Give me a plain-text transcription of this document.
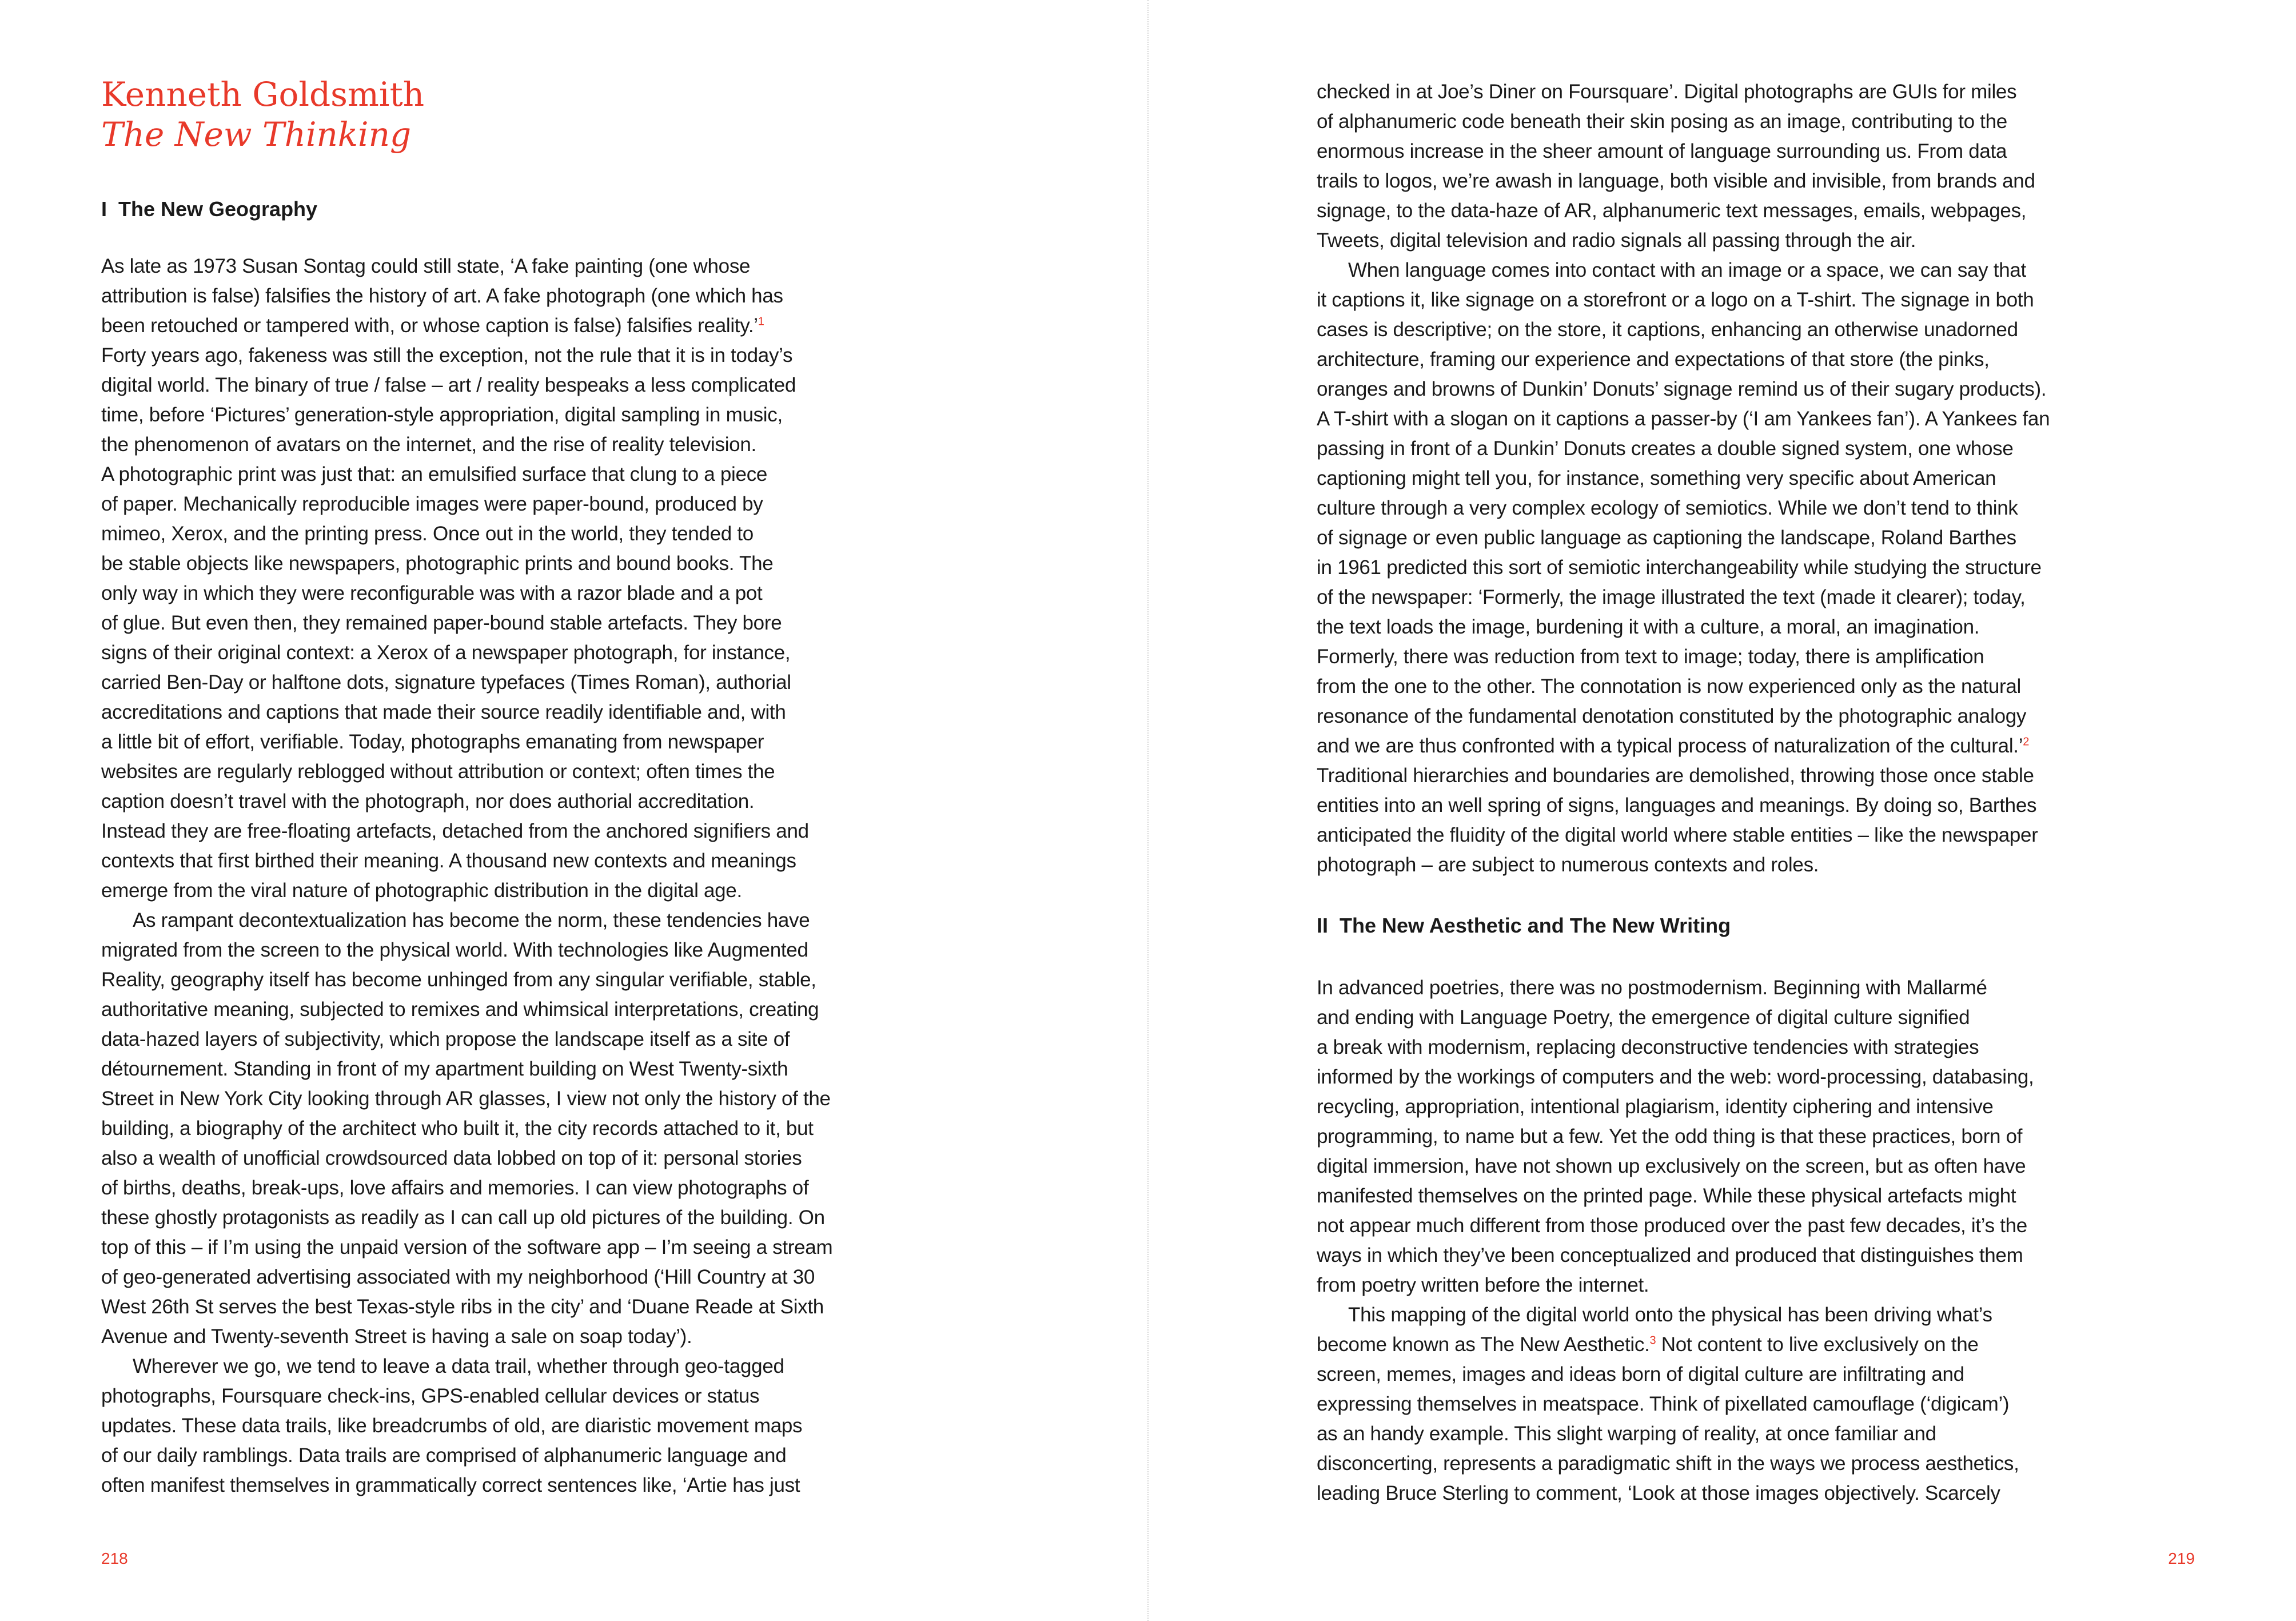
Kenneth Goldsmith
The New Thinking
I  The New Geography
As late as 1973 Susan Sontag could still state, ‘A fake painting (one whose
attribution is false) falsifies the history of art. A fake photograph (one which has
been retouched or tampered with, or whose caption is false) falsifies reality.’$^1$
Forty years ago, fakeness was still the exception, not the rule that it is in today’s
digital world. The binary of true / false – art / reality bespeaks a less complicated
time, before ‘Pictures’ generation-style appropriation, digital sampling in music,
the phenomenon of avatars on the internet, and the rise of reality television.
A photographic print was just that: an emulsified surface that clung to a piece
of paper. Mechanically reproducible images were paper-bound, produced by
mimeo, Xerox, and the printing press. Once out in the world, they tended to
be stable objects like newspapers, photographic prints and bound books. The
only way in which they were reconfigurable was with a razor blade and a pot
of glue. But even then, they remained paper-bound stable artefacts. They bore
signs of their original context: a Xerox of a newspaper photograph, for instance,
carried Ben-Day or halftone dots, signature typefaces (Times Roman), authorial
accreditations and captions that made their source readily identifiable and, with
a little bit of effort, verifiable. Today, photographs emanating from newspaper
websites are regularly reblogged without attribution or context; often times the
caption doesn’t travel with the photograph, nor does authorial accreditation.
Instead they are free-floating artefacts, detached from the anchored signifiers and
contexts that first birthed their meaning. A thousand new contexts and meanings
emerge from the viral nature of photographic distribution in the digital age.
As rampant decontextualization has become the norm, these tendencies have
migrated from the screen to the physical world. With technologies like Augmented
Reality, geography itself has become unhinged from any singular verifiable, stable,
authoritative meaning, subjected to remixes and whimsical interpretations, creating
data-hazed layers of subjectivity, which propose the landscape itself as a site of
détournement. Standing in front of my apartment building on West Twenty-sixth
Street in New York City looking through AR glasses, I view not only the history of the
building, a biography of the architect who built it, the city records attached to it, but
also a wealth of unofficial crowdsourced data lobbed on top of it: personal stories
of births, deaths, break-ups, love affairs and memories. I can view photographs of
these ghostly protagonists as readily as I can call up old pictures of the building. On
top of this – if I’m using the unpaid version of the software app – I’m seeing a stream
of geo-generated advertising associated with my neighborhood (‘Hill Country at 30
West 26th St serves the best Texas-style ribs in the city’ and ‘Duane Reade at Sixth
Avenue and Twenty-seventh Street is having a sale on soap today’).
Wherever we go, we tend to leave a data trail, whether through geo-tagged
photographs, Foursquare check-ins, GPS-enabled cellular devices or status
updates. These data trails, like breadcrumbs of old, are diaristic movement maps
of our daily ramblings. Data trails are comprised of alphanumeric language and
often manifest themselves in grammatically correct sentences like, ‘Artie has just
218
checked in at Joe’s Diner on Foursquare’. Digital photographs are GUIs for miles
of alphanumeric code beneath their skin posing as an image, contributing to the
enormous increase in the sheer amount of language surrounding us. From data
trails to logos, we’re awash in language, both visible and invisible, from brands and
signage, to the data-haze of AR, alphanumeric text messages, emails, webpages,
Tweets, digital television and radio signals all passing through the air.
When language comes into contact with an image or a space, we can say that
it captions it, like signage on a storefront or a logo on a T-shirt. The signage in both
cases is descriptive; on the store, it captions, enhancing an otherwise unadorned
architecture, framing our experience and expectations of that store (the pinks,
oranges and browns of Dunkin’ Donuts’ signage remind us of their sugary products).
A T-shirt with a slogan on it captions a passer-by (‘I am Yankees fan’). A Yankees fan
passing in front of a Dunkin’ Donuts creates a double signed system, one whose
captioning might tell you, for instance, something very specific about American
culture through a very complex ecology of semiotics. While we don’t tend to think
of signage or even public language as captioning the landscape, Roland Barthes
in 1961 predicted this sort of semiotic interchangeability while studying the structure
of the newspaper: ‘Formerly, the image illustrated the text (made it clearer); today,
the text loads the image, burdening it with a culture, a moral, an imagination.
Formerly, there was reduction from text to image; today, there is amplification
from the one to the other. The connotation is now experienced only as the natural
resonance of the fundamental denotation constituted by the photographic analogy
and we are thus confronted with a typical process of naturalization of the cultural.’$^2$
Traditional hierarchies and boundaries are demolished, throwing those once stable
entities into an well spring of signs, languages and meanings. By doing so, Barthes
anticipated the fluidity of the digital world where stable entities – like the newspaper
photograph – are subject to numerous contexts and roles.
II  The New Aesthetic and The New Writing
In advanced poetries, there was no postmodernism. Beginning with Mallarmé
and ending with Language Poetry, the emergence of digital culture signified
a break with modernism, replacing deconstructive tendencies with strategies
informed by the workings of computers and the web: word-processing, databasing,
recycling, appropriation, intentional plagiarism, identity ciphering and intensive
programming, to name but a few. Yet the odd thing is that these practices, born of
digital immersion, have not shown up exclusively on the screen, but as often have
manifested themselves on the printed page. While these physical artefacts might
not appear much different from those produced over the past few decades, it’s the
ways in which they’ve been conceptualized and produced that distinguishes them
from poetry written before the internet.
This mapping of the digital world onto the physical has been driving what’s
become known as The New Aesthetic.$^3$ Not content to live exclusively on the
screen, memes, images and ideas born of digital culture are infiltrating and
expressing themselves in meatspace. Think of pixellated camouflage (‘digicam’)
as an handy example. This slight warping of reality, at once familiar and
disconcerting, represents a paradigmatic shift in the ways we process aesthetics,
leading Bruce Sterling to comment, ‘Look at those images objectively. Scarcely
219
